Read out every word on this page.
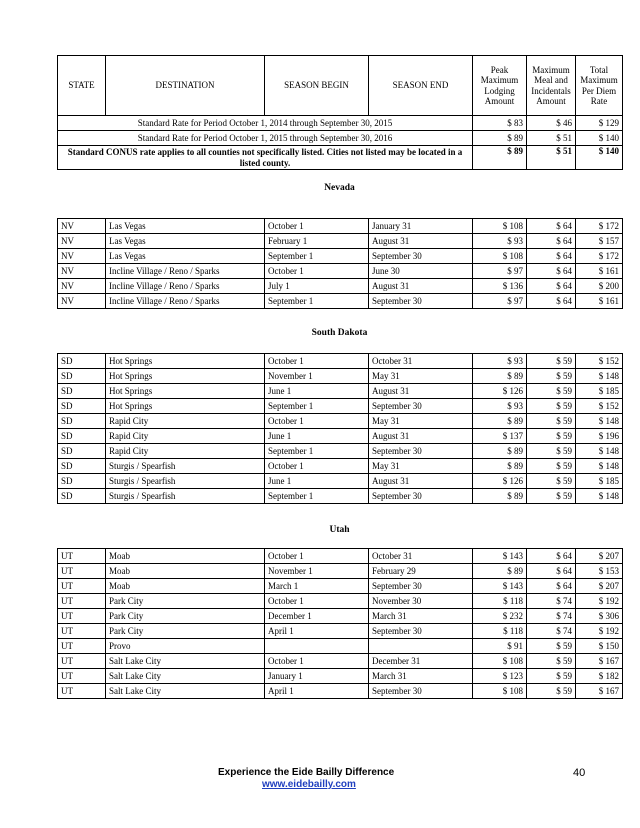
STATE	DESTINATION	SEASON BEGIN	SEASON END	Peak Maximum Lodging Amount	Maximum Meal and Incidentals Amount	Total Maximum Per Diem Rate
Standard Rate for Period October 1, 2014 through September 30, 2015				$ 83	$ 46	$ 129
Standard Rate for Period October 1, 2015 through September 30, 2016				$ 89	$ 51	$ 140
Standard CONUS rate applies to all counties not specifically listed. Cities not listed may be located in a listed county.				$ 89	$ 51	$ 140
Nevada
NV	Las Vegas	October 1	January 31	$ 108	$ 64	$ 172
NV	Las Vegas	February 1	August 31	$ 93	$ 64	$ 157
NV	Las Vegas	September 1	September 30	$ 108	$ 64	$ 172
NV	Incline Village / Reno / Sparks	October 1	June 30	$ 97	$ 64	$ 161
NV	Incline Village / Reno / Sparks	July 1	August 31	$ 136	$ 64	$ 200
NV	Incline Village / Reno / Sparks	September 1	September 30	$ 97	$ 64	$ 161
South Dakota
SD	Hot Springs	October 1	October 31	$ 93	$ 59	$ 152
SD	Hot Springs	November 1	May 31	$ 89	$ 59	$ 148
SD	Hot Springs	June 1	August 31	$ 126	$ 59	$ 185
SD	Hot Springs	September 1	September 30	$ 93	$ 59	$ 152
SD	Rapid City	October 1	May 31	$ 89	$ 59	$ 148
SD	Rapid City	June 1	August 31	$ 137	$ 59	$ 196
SD	Rapid City	September 1	September 30	$ 89	$ 59	$ 148
SD	Sturgis / Spearfish	October 1	May 31	$ 89	$ 59	$ 148
SD	Sturgis / Spearfish	June 1	August 31	$ 126	$ 59	$ 185
SD	Sturgis / Spearfish	September 1	September 30	$ 89	$ 59	$ 148
Utah
UT	Moab	October 1	October 31	$ 143	$ 64	$ 207
UT	Moab	November 1	February 29	$ 89	$ 64	$ 153
UT	Moab	March 1	September 30	$ 143	$ 64	$ 207
UT	Park City	October 1	November 30	$ 118	$ 74	$ 192
UT	Park City	December 1	March 31	$ 232	$ 74	$ 306
UT	Park City	April 1	September 30	$ 118	$ 74	$ 192
UT	Provo			$ 91	$ 59	$ 150
UT	Salt Lake City	October 1	December 31	$ 108	$ 59	$ 167
UT	Salt Lake City	January 1	March 31	$ 123	$ 59	$ 182
UT	Salt Lake City	April 1	September 30	$ 108	$ 59	$ 167
Experience the Eide Bailly Difference
www.eidebailly.com
40
